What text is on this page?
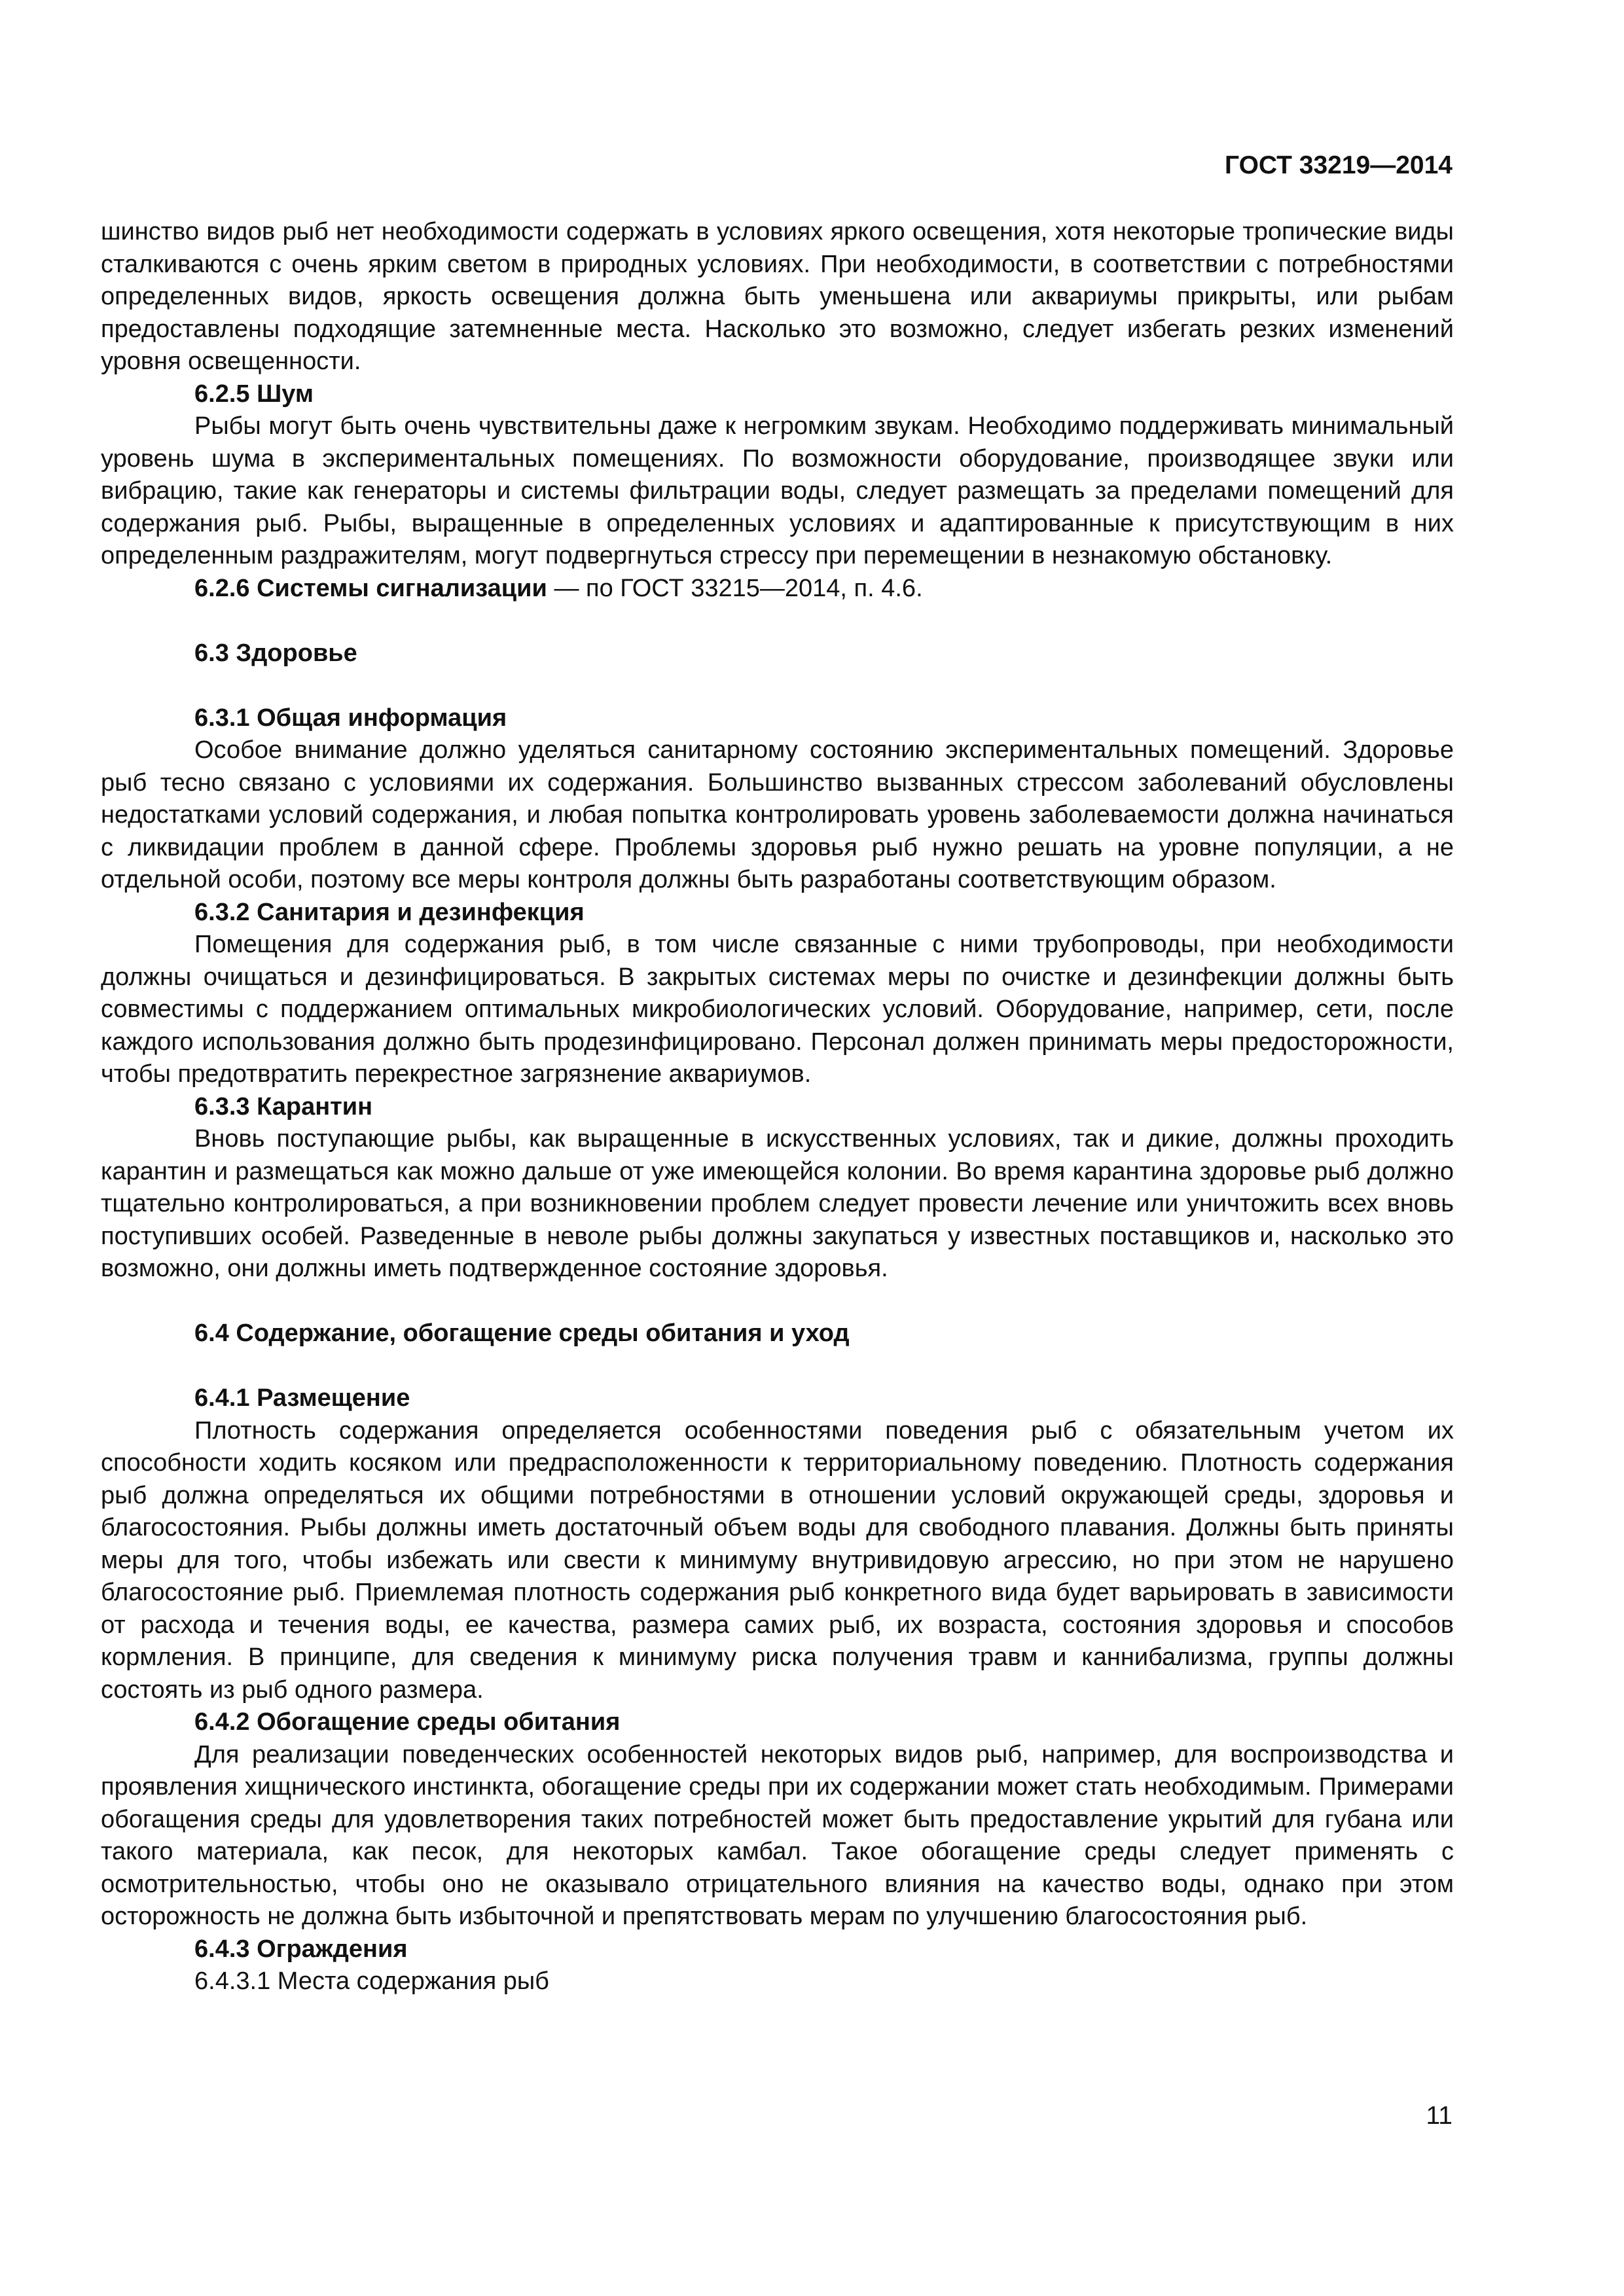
ГОСТ 33219—2014

шинство видов рыб нет необходимости содержать в условиях яркого освещения, хотя некоторые тропические виды сталкиваются с очень ярким светом в природных условиях. При необходимости, в соответствии с потребностями определенных видов, яркость освещения должна быть уменьшена или аквариумы прикрыты, или рыбам предоставлены подходящие затемненные места. Насколько это возможно, следует избегать резких изменений уровня освещенности.

6.2.5 Шум

Рыбы могут быть очень чувствительны даже к негромким звукам. Необходимо поддерживать минимальный уровень шума в экспериментальных помещениях. По возможности оборудование, производящее звуки или вибрацию, такие как генераторы и системы фильтрации воды, следует размещать за пределами помещений для содержания рыб. Рыбы, выращенные в определенных условиях и адаптированные к присутствующим в них определенным раздражителям, могут подвергнуться стрессу при перемещении в незнакомую обстановку.

6.2.6 Системы сигнализации — по ГОСТ 33215—2014, п. 4.6.

6.3 Здоровье

6.3.1 Общая информация

Особое внимание должно уделяться санитарному состоянию экспериментальных помещений. Здоровье рыб тесно связано с условиями их содержания. Большинство вызванных стрессом заболеваний обусловлены недостатками условий содержания, и любая попытка контролировать уровень заболеваемости должна начинаться с ликвидации проблем в данной сфере. Проблемы здоровья рыб нужно решать на уровне популяции, а не отдельной особи, поэтому все меры контроля должны быть разработаны соответствующим образом.

6.3.2 Санитария и дезинфекция

Помещения для содержания рыб, в том числе связанные с ними трубопроводы, при необходимости должны очищаться и дезинфицироваться. В закрытых системах меры по очистке и дезинфекции должны быть совместимы с поддержанием оптимальных микробиологических условий. Оборудование, например, сети, после каждого использования должно быть продезинфицировано. Персонал должен принимать меры предосторожности, чтобы предотвратить перекрестное загрязнение аквариумов.

6.3.3 Карантин

Вновь поступающие рыбы, как выращенные в искусственных условиях, так и дикие, должны проходить карантин и размещаться как можно дальше от уже имеющейся колонии. Во время карантина здоровье рыб должно тщательно контролироваться, а при возникновении проблем следует провести лечение или уничтожить всех вновь поступивших особей. Разведенные в неволе рыбы должны закупаться у известных поставщиков и, насколько это возможно, они должны иметь подтвержденное состояние здоровья.

6.4 Содержание, обогащение среды обитания и уход

6.4.1 Размещение

Плотность содержания определяется особенностями поведения рыб с обязательным учетом их способности ходить косяком или предрасположенности к территориальному поведению. Плотность содержания рыб должна определяться их общими потребностями в отношении условий окружающей среды, здоровья и благосостояния. Рыбы должны иметь достаточный объем воды для свободного плавания. Должны быть приняты меры для того, чтобы избежать или свести к минимуму внутривидовую агрессию, но при этом не нарушено благосостояние рыб. Приемлемая плотность содержания рыб конкретного вида будет варьировать в зависимости от расхода и течения воды, ее качества, размера самих рыб, их возраста, состояния здоровья и способов кормления. В принципе, для сведения к минимуму риска получения травм и каннибализма, группы должны состоять из рыб одного размера.

6.4.2 Обогащение среды обитания

Для реализации поведенческих особенностей некоторых видов рыб, например, для воспроизводства и проявления хищнического инстинкта, обогащение среды при их содержании может стать необходимым. Примерами обогащения среды для удовлетворения таких потребностей может быть предоставление укрытий для губана или такого материала, как песок, для некоторых камбал. Такое обогащение среды следует применять с осмотрительностью, чтобы оно не оказывало отрицательного влияния на качество воды, однако при этом осторожность не должна быть избыточной и препятствовать мерам по улучшению благосостояния рыб.

6.4.3 Ограждения

6.4.3.1 Места содержания рыб

11
